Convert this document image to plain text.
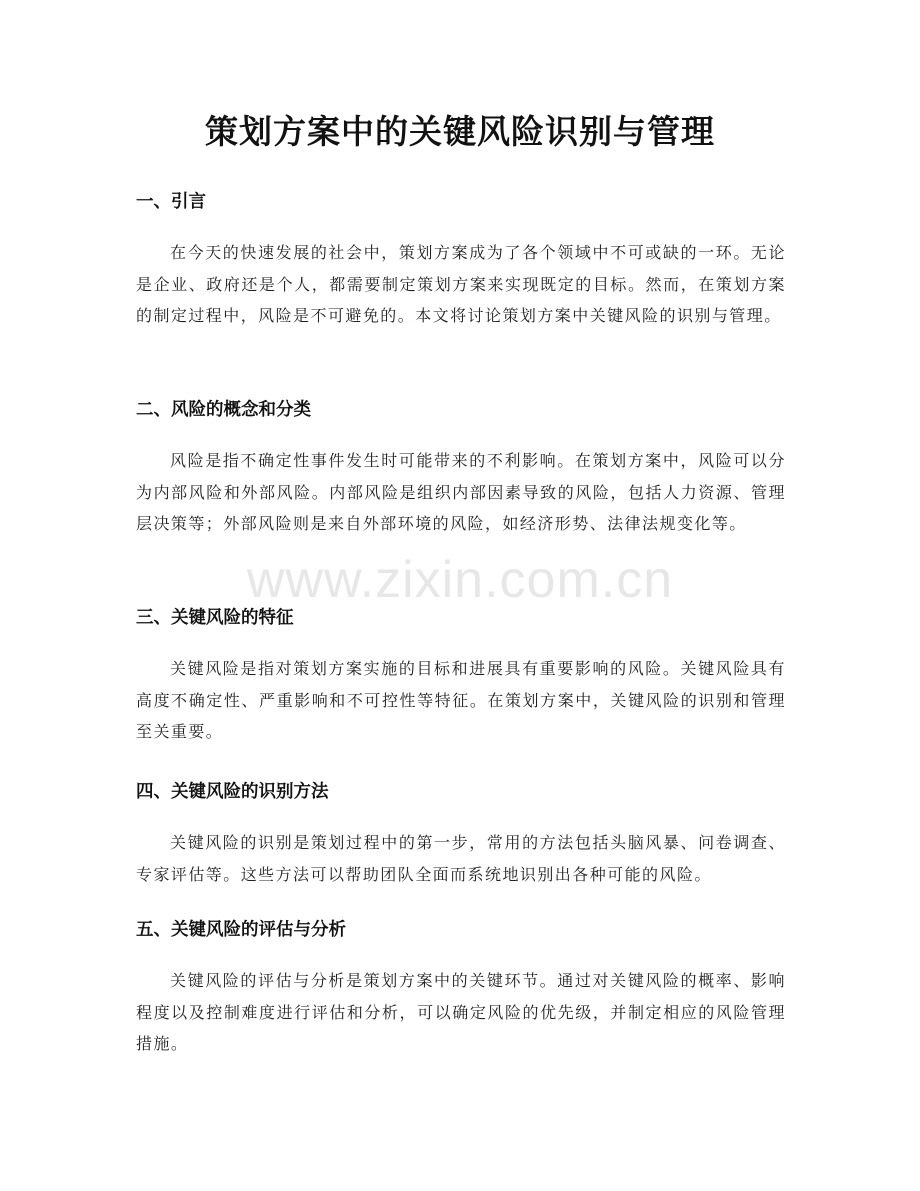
策划方案中的关键风险识别与管理
一、引言

在今天的快速发展的社会中，策划方案成为了各个领域中不可或缺的一环。无论是企业、政府还是个人，都需要制定策划方案来实现既定的目标。然而，在策划方案的制定过程中，风险是不可避免的。本文将讨论策划方案中关键风险的识别与管理。

二、风险的概念和分类

风险是指不确定性事件发生时可能带来的不利影响。在策划方案中，风险可以分为内部风险和外部风险。内部风险是组织内部因素导致的风险，包括人力资源、管理层决策等；外部风险则是来自外部环境的风险，如经济形势、法律法规变化等。

三、关键风险的特征

关键风险是指对策划方案实施的目标和进展具有重要影响的风险。关键风险具有高度不确定性、严重影响和不可控性等特征。在策划方案中，关键风险的识别和管理至关重要。

四、关键风险的识别方法

关键风险的识别是策划过程中的第一步，常用的方法包括头脑风暴、问卷调查、专家评估等。这些方法可以帮助团队全面而系统地识别出各种可能的风险。

五、关键风险的评估与分析

关键风险的评估与分析是策划方案中的关键环节。通过对关键风险的概率、影响程度以及控制难度进行评估和分析，可以确定风险的优先级，并制定相应的风险管理措施。

www.zixin.com.cn
